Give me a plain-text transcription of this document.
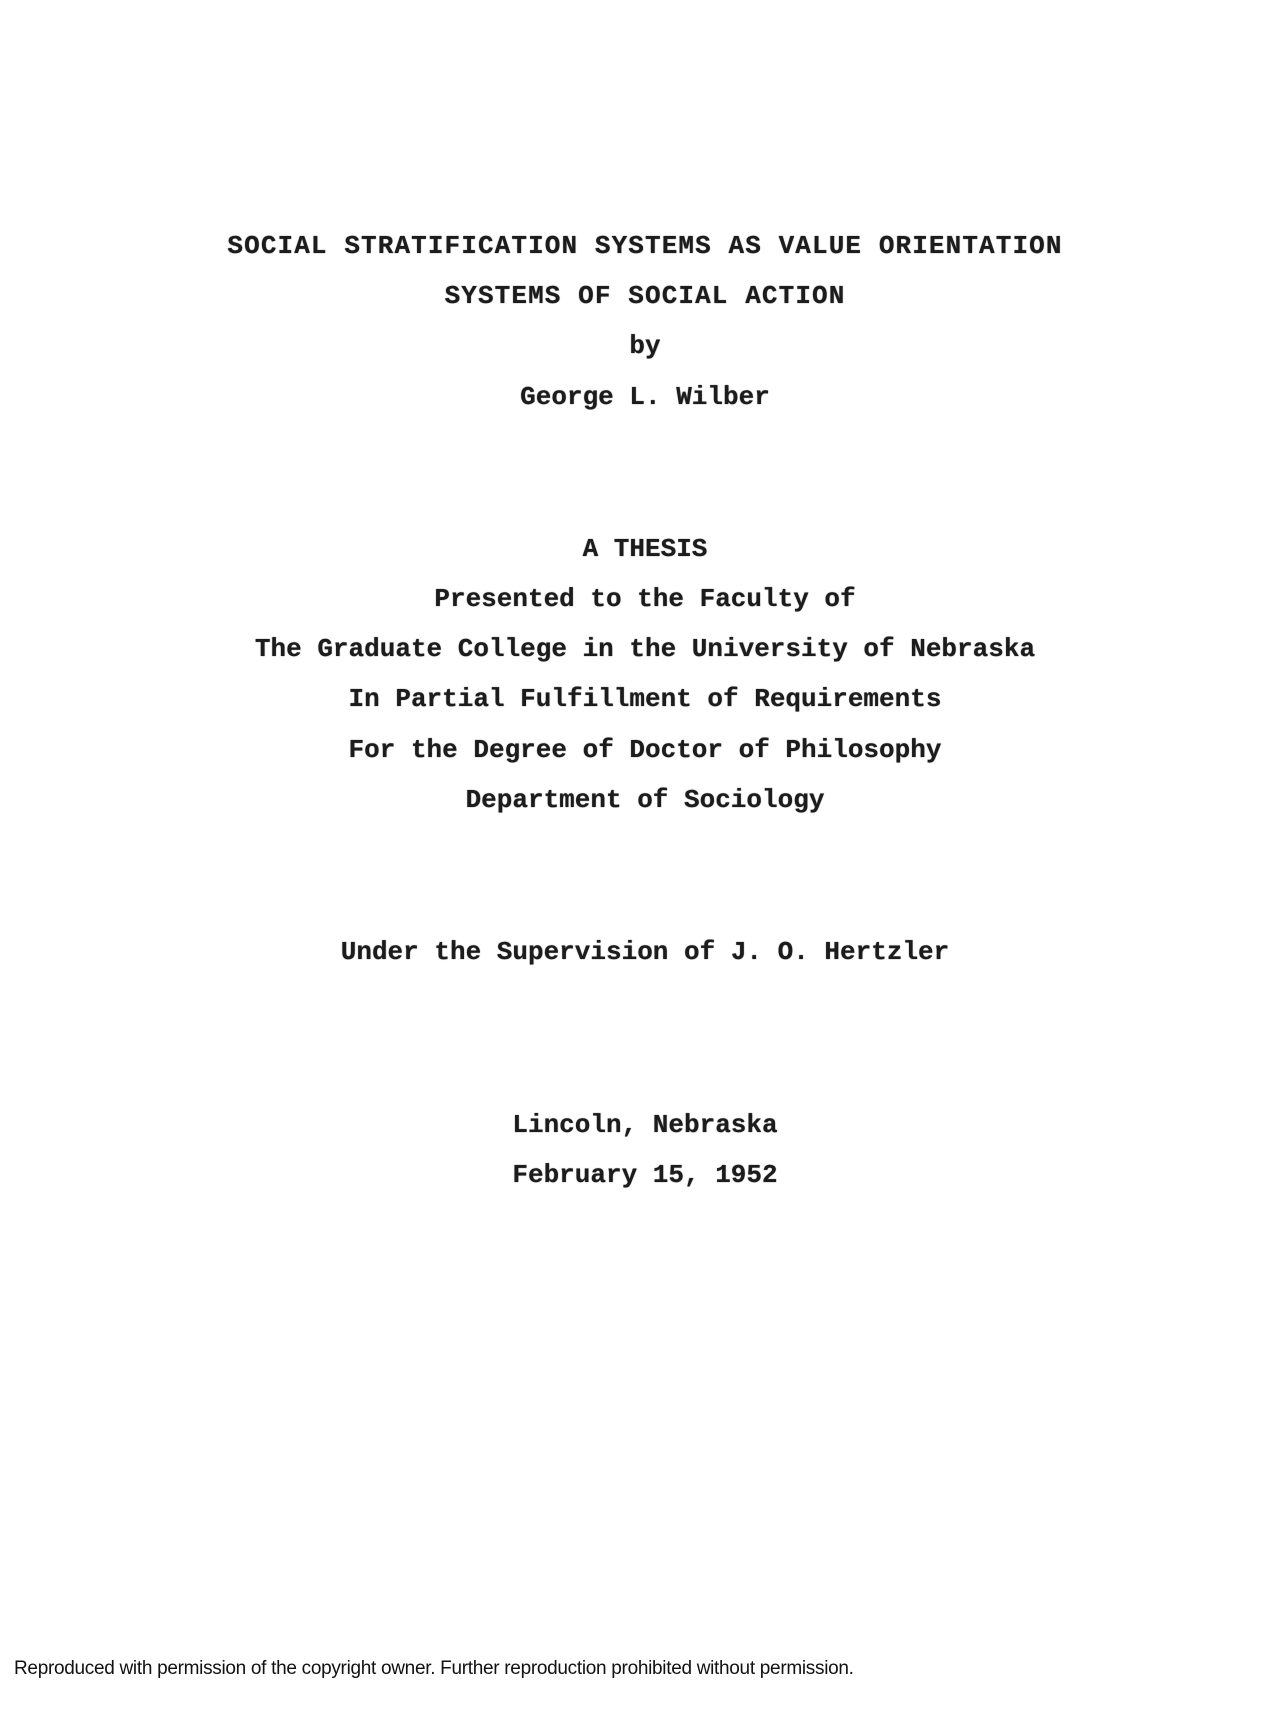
SOCIAL STRATIFICATION SYSTEMS AS VALUE ORIENTATION
SYSTEMS OF SOCIAL ACTION
by
George L. Wilber
A THESIS
Presented to the Faculty of
The Graduate College in the University of Nebraska
In Partial Fulfillment of Requirements
For the Degree of Doctor of Philosophy
Department of Sociology
Under the Supervision of J. O. Hertzler
Lincoln, Nebraska
February 15, 1952
Reproduced with permission of the copyright owner. Further reproduction prohibited without permission.
